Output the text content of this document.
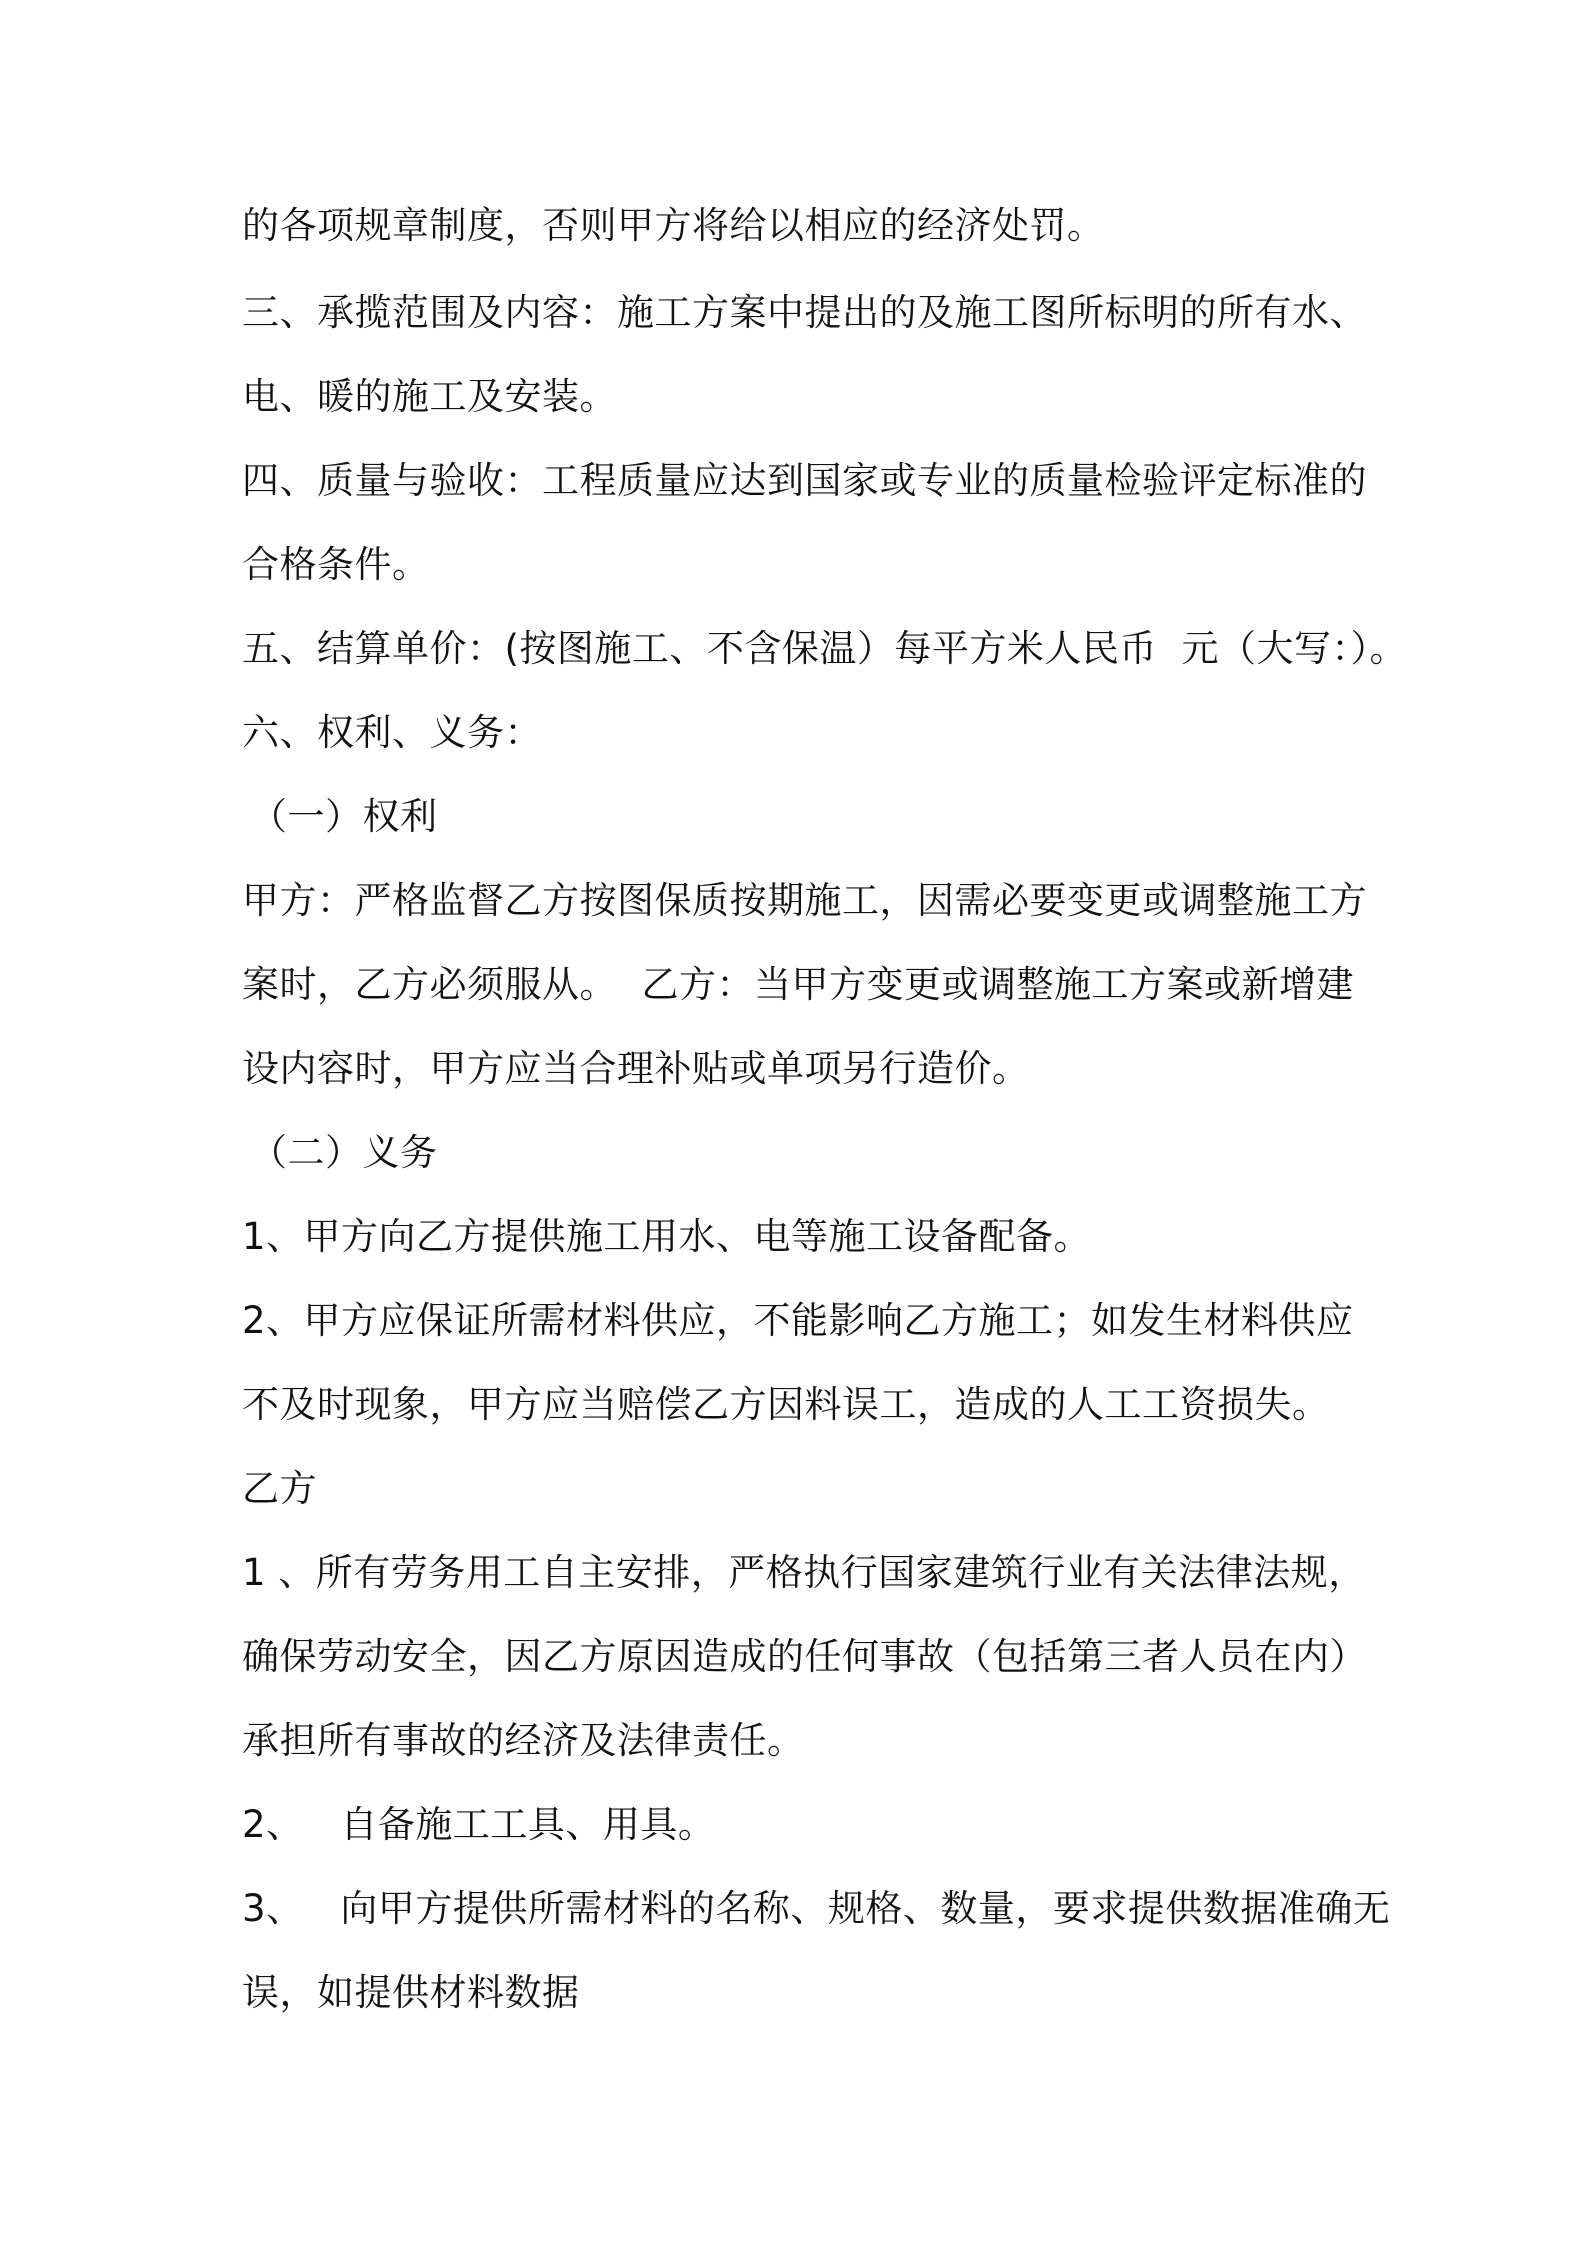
的各项规章制度，否则甲方将给以相应的经济处罚。
三、承揽范围及内容：施工方案中提出的及施工图所标明的所有水、
电、暖的施工及安装。
四、质量与验收：工程质量应达到国家或专业的质量检验评定标准的
合格条件。
五、结算单价：(按图施工、不含保温）每平方米人民币  元（大写：）。
六、权利、义务：
（一）权利
甲方：严格监督乙方按图保质按期施工，因需必要变更或调整施工方
案时，乙方必须服从。  乙方：当甲方变更或调整施工方案或新增建
设内容时，甲方应当合理补贴或单项另行造价。
（二）义务
1、甲方向乙方提供施工用水、电等施工设备配备。
2、甲方应保证所需材料供应，不能影响乙方施工；如发生材料供应
不及时现象，甲方应当赔偿乙方因料误工，造成的人工工资损失。
乙方
1 、所有劳务用工自主安排，严格执行国家建筑行业有关法律法规，
确保劳动安全，因乙方原因造成的任何事故（包括第三者人员在内）
承担所有事故的经济及法律责任。
2、   自备施工工具、用具。
3、   向甲方提供所需材料的名称、规格、数量，要求提供数据准确无
误，如提供材料数据
